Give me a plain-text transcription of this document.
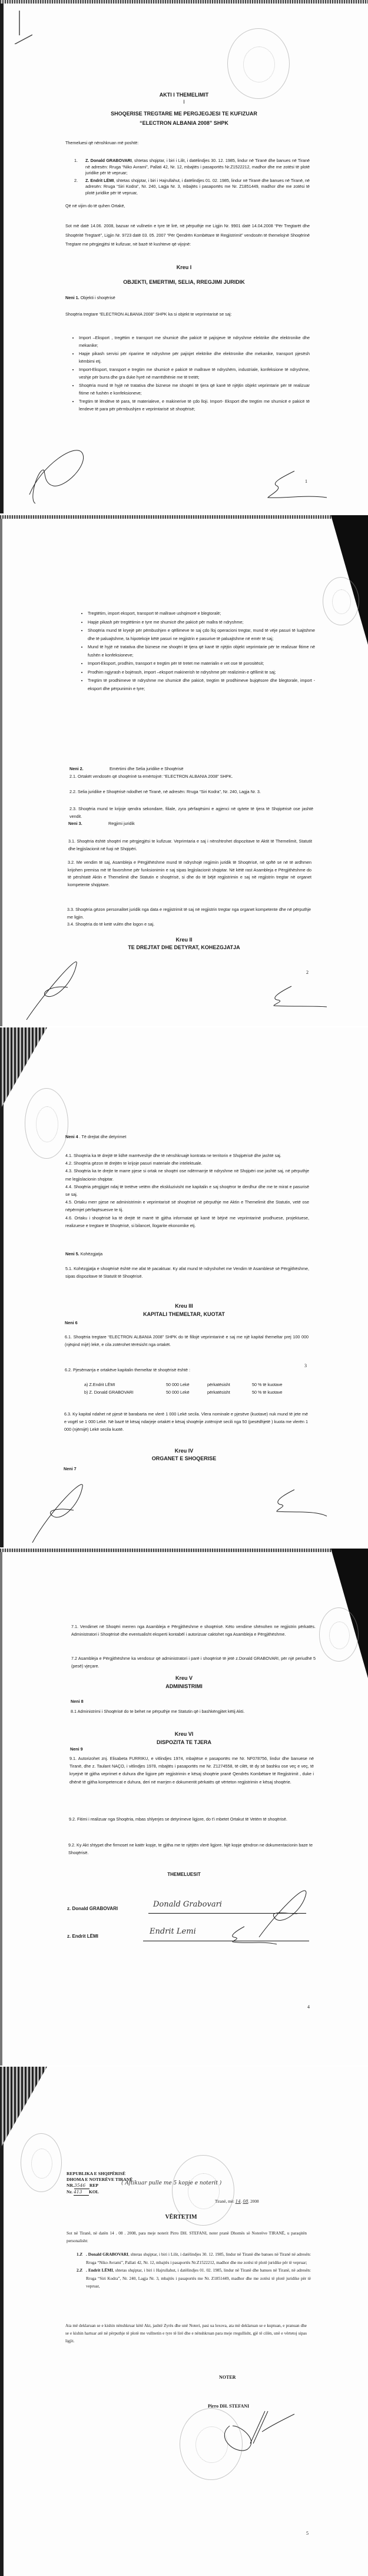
AKTI I THEMELIMIT
I
SHOQERISE TREGTARE ME PERGJEGJESI TE KUFIZUAR
“ELECTRON ALBANIA 2008” SHPK
Themeluesi që nënshkruan më poshtë:
1.	Z. Donald GRABOVARI, shtetas shqiptar, i biri i Lilit, i datëlindjes 30. 12. 1985, lindur në Tiranë dhe banues në Tiranë në adresën: Rruga “Niko Avrami”, Pallati 42, Nr. 12, mbajtës i pasaportës Nr.Z1522212, madhor dhe me zotësi të plotë juridike për të vepruar;
2.	Z. Endrit LËMI, shtetas shqiptar, i biri i Hajrullahut, i datëlindjes 01. 02. 1985, lindur në Tiranë dhe banues në Tiranë, në adresën: Rruga “Siri Kodra”, Nr. 240, Lagja Nr. 3, mbajtës i pasaportës me Nr. Z1851449, madhor dhe me zotësi të plotë juridike për të vepruar,
Që në vijim do të quhen Ortakë,
Sot më datë 14.06. 2008, bazuar në vullnetin e tyre të lirë, në përputhje me Ligjin Nr. 9901 datë 14.04.2008 “Për Tregtarët dhe Shoqëritë Tregtarë”, Ligjin Nr. 9723 datë 03. 05. 2007 “Për Qendrën Kombëtare të Regjistrimit” vendosën të themelojnë Shoqërinë Tregtare me përgjegjësi të kufizuar, në bazë të kushteve që vijojnë:
Kreu I
OBJEKTI, EMERTIMI, SELIA, RREGJIMI JURIDIK
Neni 1. Objekti i shoqërisë
Shoqëria tregtare “ELECTRON ALBANIA 2008” SHPK ka si objekt te veprimtarisë se saj:
• Import –Eksport , tregëtim e transport me shumicë dhe pakicë të pajisjeve të ndryshme elektrike dhe elektronike dhe mekanike;
• Hapje pikash servisi për riparime të ndryshme për pajisjet elektrike dhe elektronike dhe mekanike, transport pjesësh këmbimi etj.
• Import-Eksport, transport e tregtim me shumicë e pakicë të mallrave të ndryshëm, industriale, konfeksione të ndryshme, veshje për burra dhe gra duke hyrë në marrëdhënie me të tretët;
• Shoqëria mund të hyjë në tratativa dhe biznese me shoqëri të tjera që kanë të njëjtin objekt veprimtarie për të realizuar fitime në fushën e konfeksioneve;
• Tregtim të lëndëve të para, të materialeve, e makinerive të çdo lloji. Import- Eksport dhe tregtim me shumicë e pakicë të lendeve të para për përmbushjen e veprimtarisë së shoqërisë;
1
• Tregtëtim, import eksport, transport të mallrave ushqimorë e blegtoralë;
• Hapje pikash për tregtëtimin e tyre me shumicë dhe pakicë për mallra të ndryshme;
• Shoqëria mund të kryejë për pëmbushjen e qëllimeve te saj çdo lloj operacioni tregtar, mund të vëje pasuri të luajtshme dhe të paluajtshme, ta hipotekoje këtë pasuri ne regjistrin e pasurive të paluajtshme në emër të saj;
• Mund të hyjë në tratativa dhe biznese me shoqëri të tjera që kanë të njëjtin objekt veprimtarie për te realizuar fitime në fushën e konfeksioneve;
• Import-Eksport, prodhim, transport e tregtim për të tretet me materialin e vet ose të porositësit;
• Prodhim ngjyrash e bojërash, import –eksport makinerish te ndryshme për realizimin e qëllimit te saj;
• Tregtim të prodhimeve të ndryshme me shumicë dhe pakicë, tregtim të prodhimeve bujqësore dhe blegtorale, import -eksport dhe përpunimin e tyre;
Neni 2.	Emërtimi dhe Selia juridike e Shoqërisë
2.1. Ortakët vendosën që shoqërinë ta emërtojnë: “ELECTRON ALBANIA 2008” SHPK.
2.2. Selia juridike e Shoqërisë ndodhet në Tiranë, në adresën: Rruga “Siri Kodra”, Nr. 240, Lagja Nr. 3.
2.3. Shoqëria mund te krijoje qendra sekondare, filiale, zyra përfaqësimi e agjenci në qytete të tjera të Shqipërisë ose jashtë vendit.
Neni 3.	Regjimi juridik
3.1. Shoqëria është shoqëri me përgjegjësi te kufizuar. Veprimtaria e saj i nënshtrohet dispozitave te Aktit të Themelimit, Statutit dhe legjislacionit në fuqi në Shqipëri.
3.2. Me vendim të saj, Asambleja e Përgjithëshme mund të ndryshojë regjimin juridik të Shoqërisë, në qoftë se në të ardhmen krijohen premisa më të favorshme për funksionimin e saj sipas legjislacionit shqiptar. Në këtë rast Asambleja e Përgjithëshme do të përshtatë Aktin e Themelimit dhe Statutin e shoqërisë, si dhe do të bëjë regjistrimin e saj në regjistrin tregtar në organet kompetente shqiptare.
3.3. Shoqëria gëzon personalitet juridik nga data e regjistrimit të saj në regjistrin tregtar nga organet kompetente dhe në përputhje me ligjin.
3.4. Shoqëria do të ketë vulën dhe logon e saj.
Kreu II
TE DREJTAT DHE DETYRAT, KOHEZGJATJA
2
Neni 4 . Të drejtat dhe detyrimet
4.1. Shoqëria ka të drejtë të lidhë marrëveshje dhe të nënshkruajë kontrata ne territorin e Shqipërisë dhe jashtë saj.
4.2. Shoqëria gëzon të drejtën te krijoje pasuri materiale dhe intelektuale.
4.3. Shoqëria ka te drejte te marre pjese si ortak ne shoqëri ose ndërmarrje të ndryshme në Shqipëri ose jashtë saj, në përputhje me legjislacionin shqiptar.
4.4. Shoqëria përgjigjet ndaj të tretëve vetëm dhe ekskluzivisht me kapitalin e saj shoqëror te derdhur dhe me te mirat e pasurisë se saj.
4.5. Ortaku merr pjese ne administrimin e veprimtarisë së shoqërisë në përputhje me Aktin e Themelimit dhe Statutin, vetë ose nëpërmjet përfaqësuesve te tij.
4.6. Ortaku i shoqërisë ka të drejtë të marrë të gjitha informatat që kanë të bëjnë me veprimtarinë prodhuese, projektuese, realizuese e tregtare të Shoqërisë, si bilancet, llogarite ekonomike etj.
Neni 5. Kohëzgjatja
5.1. Kohëzgjatja e shoqërisë është me afat të pacaktuar. Ky afat mund të ndryshohet me Vendim të Asamblesë së Përgjithëshme, sipas dispozitave të Statutit të Shoqërisë.
Kreu III
KAPITALI THEMELTAR, KUOTAT
Neni 6
6.1. Shoqëria tregtare “ELECTRON ALBANIA 2008” SHPK do të fillojë veprimtarinë e saj me një kapital themeltar prej 100 000 (njëqind mijë) lekë, e cila zotërohet tërësisht nga ortakët.
6.2. Pjesëmarrja e ortakëve kapitalin themeltar të shoqërisë është :
a) Z.Endrit LËMI	50 000 Lekë	përkatësisht	50 % të kuotave
b) Z. Donald GRABOVARI	50 000 Lekë	përkatësisht	50 % të kuotave
6.3. Ky kapital ndahet në pjesë të barabarta me vlerë 1 000 Lekë secila. Vlera nominale e pjesëve (kuotave) nuk mund të jete më e vogël se 1 000 Lekë. Në bazë të kësaj ndarjeje ortakët e kësaj shoqërije zotërojnë secili nga 50 (pesëdhjetë ) kuota me vlerën 1 000 (njëmijë) Lekë secila kuotë.
Kreu IV
ORGANET E SHOQERISE
Neni 7
3
7.1. Vendimet në Shoqëri merren nga Asambleja e Përgjithëshme e shoqërisë. Këto vendime shënohen ne regjistrin përkatës. Administratori i Shoqërisë dhe eventualisht eksperti kontabël i autorizuar caktohet nga Asambleja e Përgjithëshme.
7.2 Asambleja e Përgjithëshme ka vendosur që administratori i parë i shoqërisë të jetë z.Donald GRABOVARI, për një periudhë 5 (pesë) vjeçare.
Kreu V
ADMINISTRIMI
Neni 8
8.1 Administrimi i Shoqërisë do te behet ne përputhje me Statutin që i bashkëngjitet këtij Akti.
Kreu VI
DISPOZITA TE TJERA
Neni 9
9.1. Autorizohet znj. Elisabeta FURRIKU, e vitlindjes 1974, mbajtëse e pasaportës me Nr. NF078756, lindur dhe banuese në Tiranë, dhe z. Taulant NAÇO, i vitlindjes 1978, mbajtës i pasaportës me Nr. Z1274558, të cilët, të dy së bashku ose veç e veç, të kryejnë të gjitha veprimet e duhura dhe ligjore për regjistrimin e kësaj shoqërie pranë Qendrës Kombëtare të Regjistrimit , duke i dhënë të gjitha kompetencat e duhura, deri në marrjen e dokumentit përkatës që vërteton regjistrimin e kësaj shoqërie.
9.2. Fitimi i realizuar nga Shoqëria, mbas shlyerjes se detyrimeve ligjore, do t'i mbetet Ortakut të Vetëm të shoqërisë.
9.2. Ky Akt shtypet dhe firmoset ne katër kopje, te gjitha me te njëjtën vlerë ligjore. Një kopje qëndron ne dokumentacionin baze te Shoqërisë.
THEMELUESIT
z. Donald GRABOVARI	Donald Grabovari
z. Endrit LËMI
Endrit Lemi
4
REPUBLIKA E SHQIPËRISË
DHOMA E NOTERËVE TIRANË
NR.3546 REP
Nr. 413 KOL
( Aftikuar pulle me 5 kopje e noterit )
Tiranë, më: 14. 08. 2008
VËRTETIM
Sot në Tiranë, në datën 14 . 08 . 2008, para meje noterit Pirro DH. STEFANI, noter pranë Dhomës së Noterëve TIRANË, u paraqitën personalisht:
1.Z . Donald GRABOVARI, shtetas shqiptar, i biri i Lilit, i datëlindjes 30. 12. 1985, lindur në Tiranë dhe banues në Tiranë në adresën: Rruga “Niko Avrami”, Pallati 42, Nr. 12, mbajtës i pasaportës Nr.Z1522212, madhor dhe me zotësi të plotë juridike për të vepruar;
2.Z . Endrit LËMI, shtetas shqiptar, i biri i Hajrullahut, i datëlindjes 01. 02. 1985, lindur në Tiranë dhe banues në Tiranë, në adresën: Rruga “Siri Kodra”, Nr. 240, Lagja Nr. 3, mbajtës i pasaportës me Nr. Z1851449, madhor dhe me zotësi të plotë juridike për të vepruar,
Ata më deklaruan se e kishin nënshkruar këtë Akt, jashtë Zyrës dhe unë Noteri, pasi ua lexova, ata më deklaruan se e kuptuan, e pranuan dhe se e kishin hartuar atë në përputhje të plotë me vullnetin e tyre të lirë dhe e nënshkruan para meje rregullisht, gjë të cilën, unë e vërtetoj sipas ligjit.
NOTER
Pirro DH. STEFANI
5
